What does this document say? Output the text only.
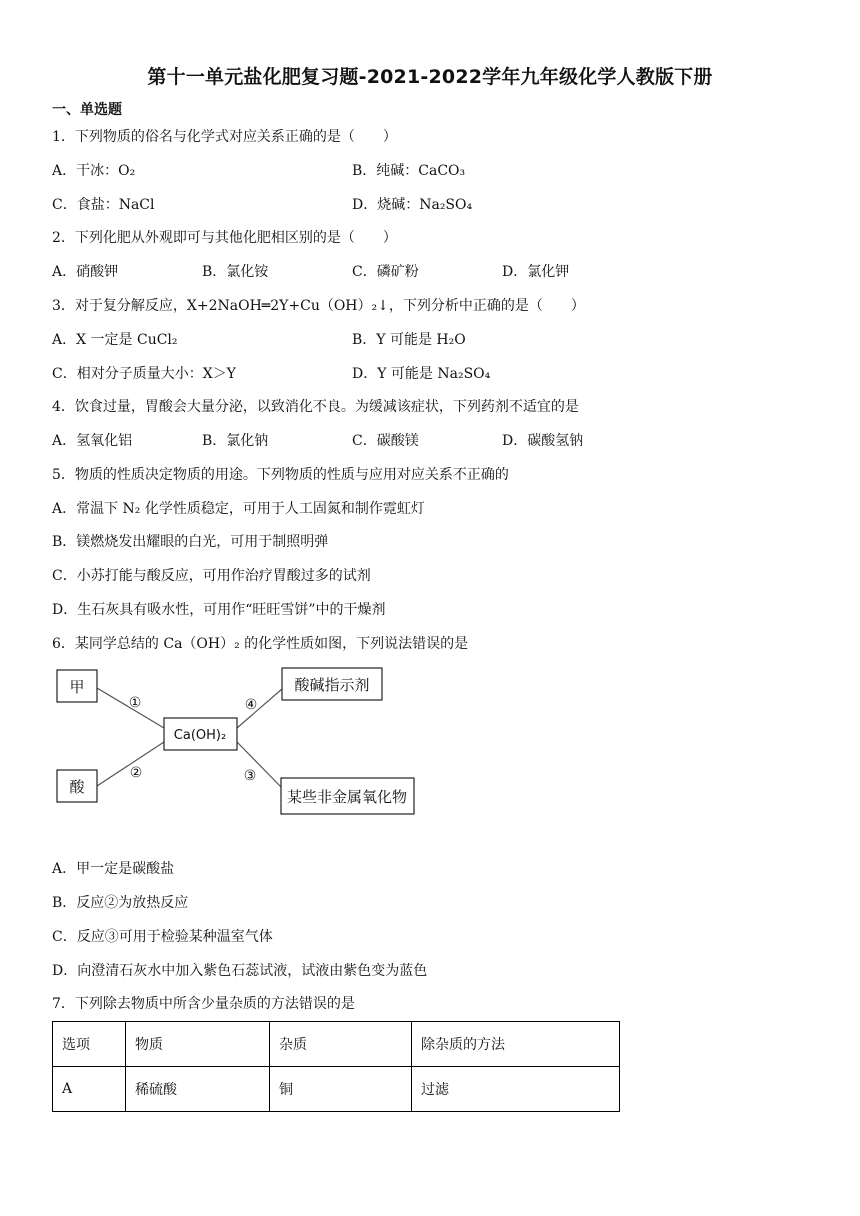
第十一单元盐化肥复习题-2021-2022学年九年级化学人教版下册
一、单选题
1．下列物质的俗名与化学式对应关系正确的是（　　）
A．干冰：O₂	B．纯碱：CaCO₃
C．食盐：NaCl	D．烧碱：Na₂SO₄
2．下列化肥从外观即可与其他化肥相区别的是（　　）
A．硝酸钾	B．氯化铵	C．磷矿粉	D．氯化钾
3．对于复分解反应，X+2NaOH═2Y+Cu（OH）₂↓，下列分析中正确的是（　　）
A．X 一定是 CuCl₂	B．Y 可能是 H₂O
C．相对分子质量大小：X＞Y	D．Y 可能是 Na₂SO₄
4．饮食过量，胃酸会大量分泌，以致消化不良。为缓减该症状，下列药剂不适宜的是
A．氢氧化铝	B．氯化钠	C．碳酸镁	D．碳酸氢钠
5．物质的性质决定物质的用途。下列物质的性质与应用对应关系不正确的
A．常温下 N₂ 化学性质稳定，可用于人工固氮和制作霓虹灯
B．镁燃烧发出耀眼的白光，可用于制照明弹
C．小苏打能与酸反应，可用作治疗胃酸过多的试剂
D．生石灰具有吸水性，可用作“旺旺雪饼”中的干燥剂
6．某同学总结的 Ca（OH）₂ 的化学性质如图，下列说法错误的是
甲
酸
Ca(OH)₂
酸碱指示剂
某些非金属氧化物
①
②	③
④
A．甲一定是碳酸盐
B．反应②为放热反应
C．反应③可用于检验某种温室气体
D．向澄清石灰水中加入紫色石蕊试液，试液由紫色变为蓝色
7．下列除去物质中所含少量杂质的方法错误的是
选项	物质	杂质	除杂质的方法
A	稀硫酸	铜	过滤
